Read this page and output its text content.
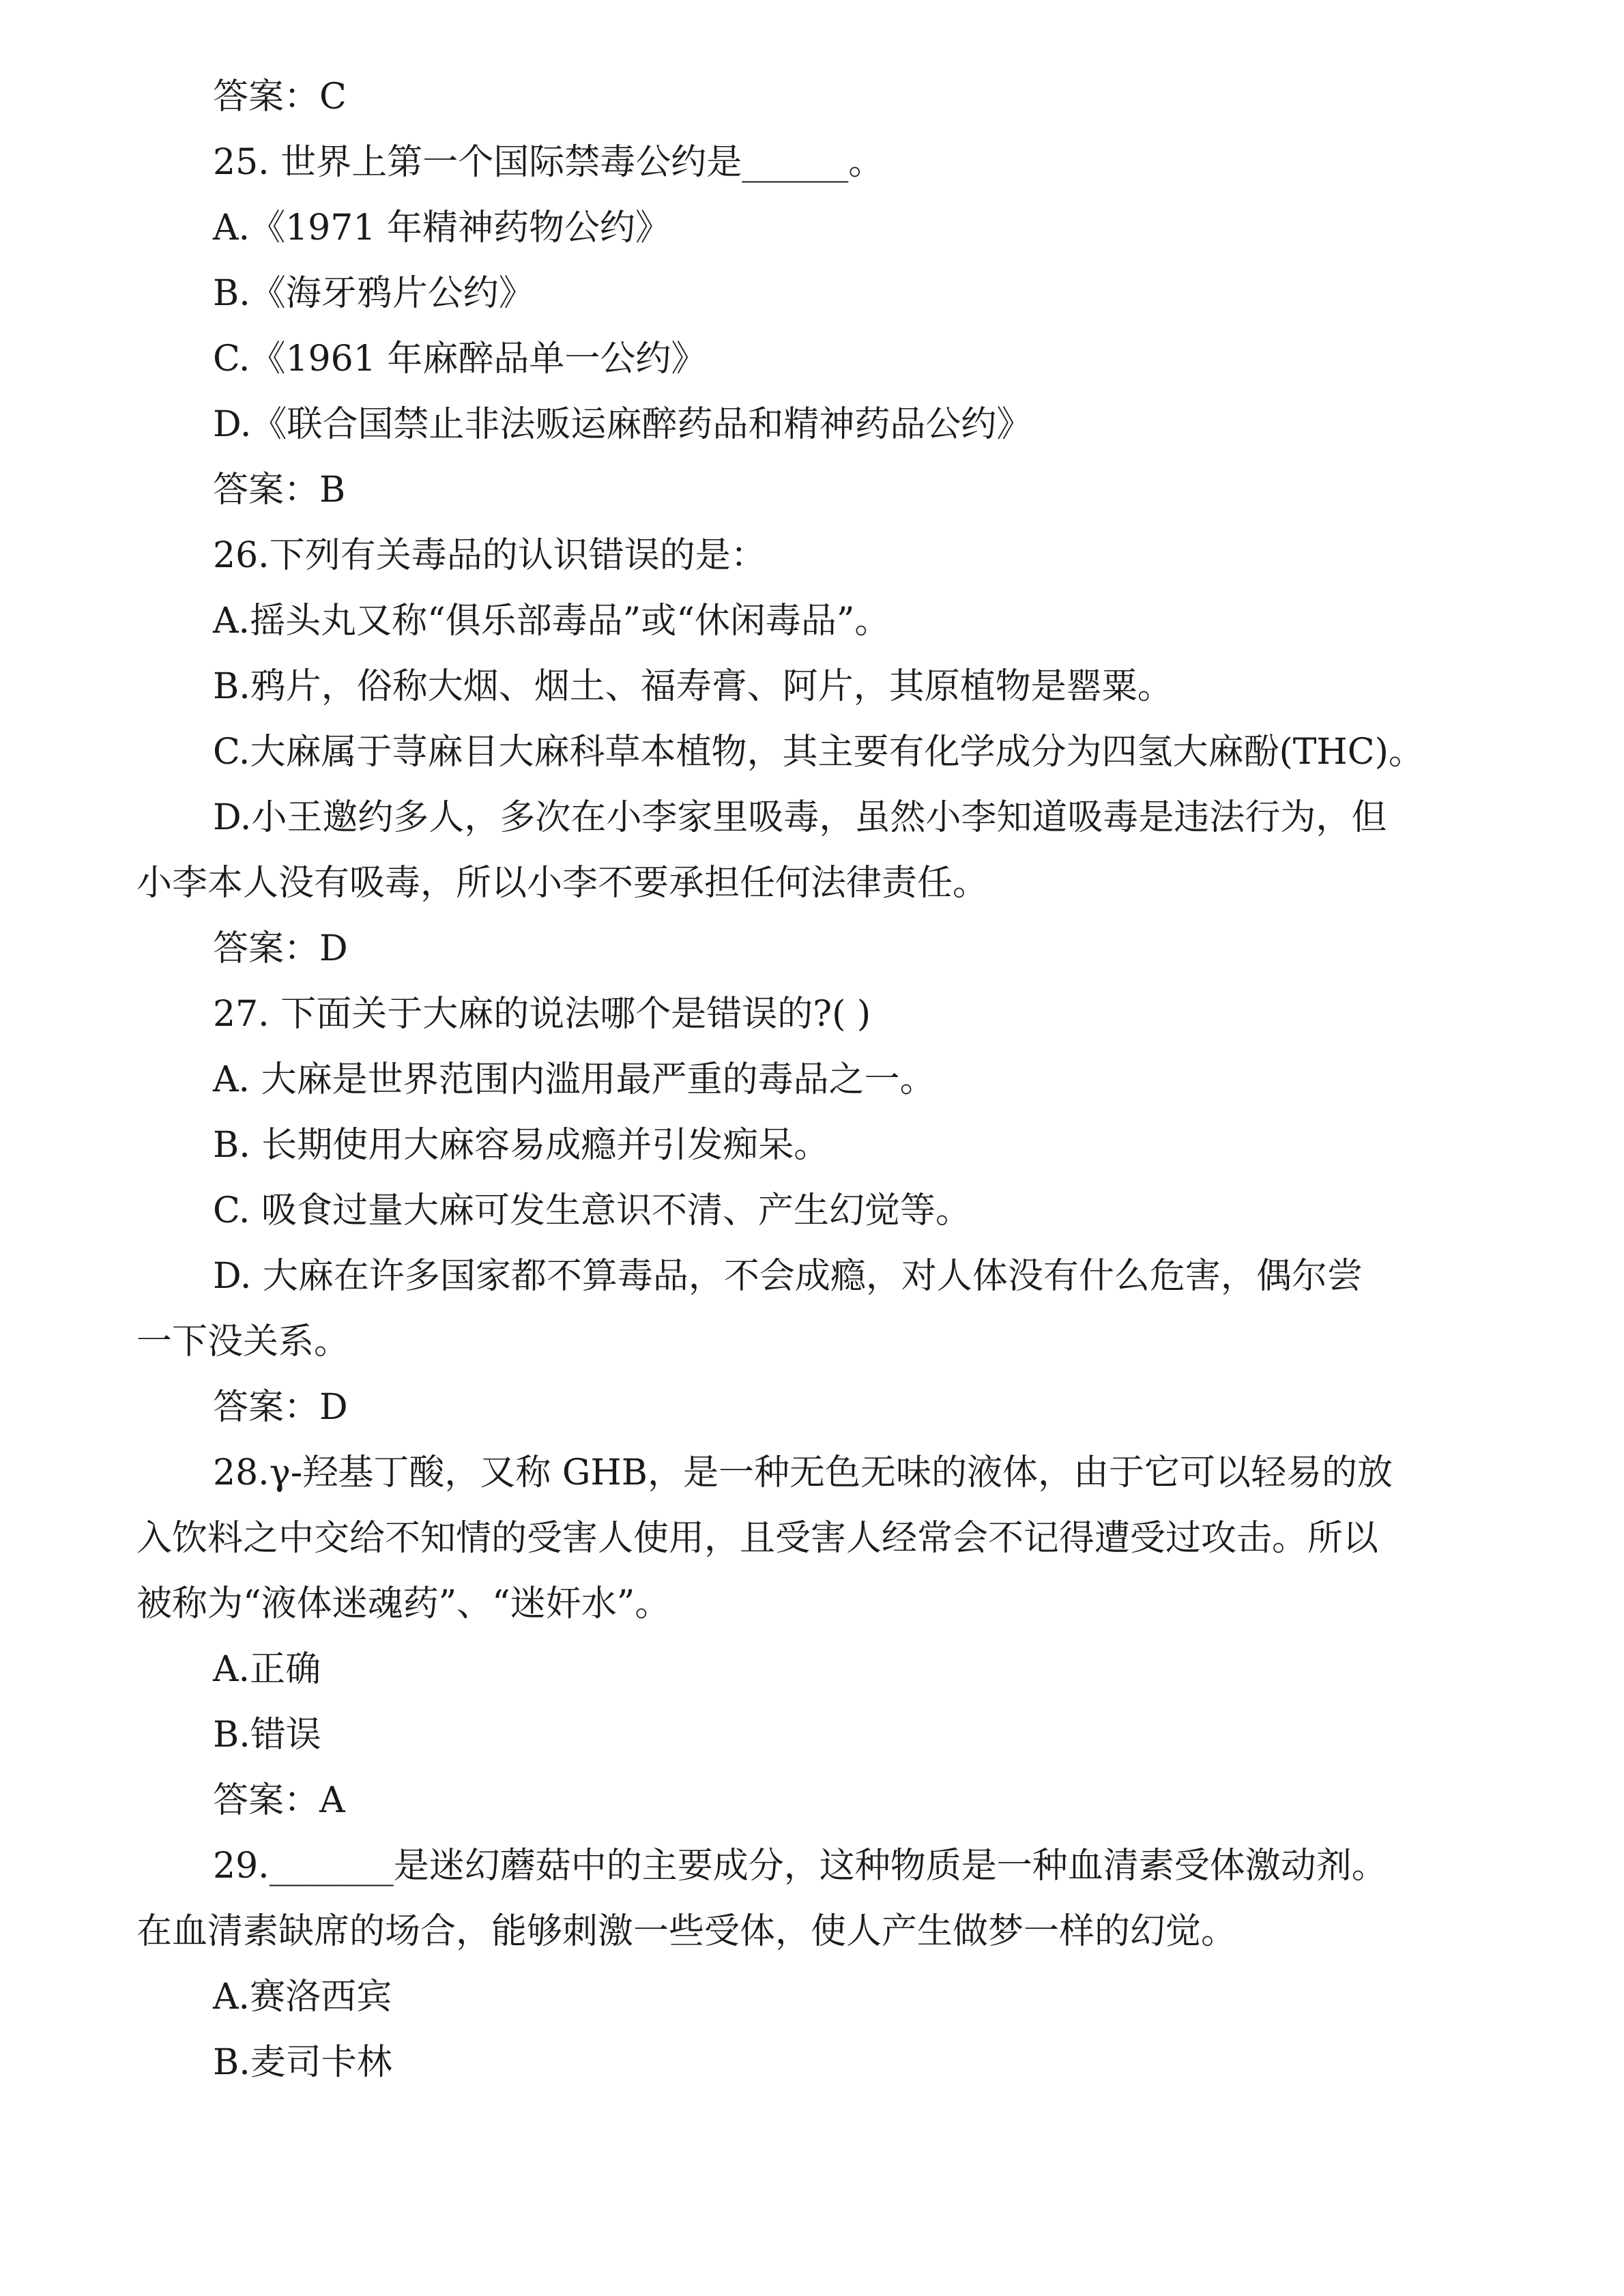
答案：C

25. 世界上第一个国际禁毒公约是______。

A.《1971 年精神药物公约》

B.《海牙鸦片公约》

C.《1961 年麻醉品单一公约》

D.《联合国禁止非法贩运麻醉药品和精神药品公约》

答案：B

26.下列有关毒品的认识错误的是：

A.摇头丸又称“俱乐部毒品”或“休闲毒品”。

B.鸦片，俗称大烟、烟土、福寿膏、阿片，其原植物是罂粟。

C.大麻属于荨麻目大麻科草本植物，其主要有化学成分为四氢大麻酚(THC)。

D.小王邀约多人，多次在小李家里吸毒，虽然小李知道吸毒是违法行为，但

小李本人没有吸毒，所以小李不要承担任何法律责任。

答案：D

27. 下面关于大麻的说法哪个是错误的?( )

A. 大麻是世界范围内滥用最严重的毒品之一。

B. 长期使用大麻容易成瘾并引发痴呆。

C. 吸食过量大麻可发生意识不清、产生幻觉等。

D. 大麻在许多国家都不算毒品，不会成瘾，对人体没有什么危害，偶尔尝

一下没关系。

答案：D

28.γ-羟基丁酸，又称 GHB，是一种无色无味的液体，由于它可以轻易的放

入饮料之中交给不知情的受害人使用，且受害人经常会不记得遭受过攻击。所以

被称为“液体迷魂药”、“迷奸水”。

A.正确

B.错误

答案：A

29._______是迷幻蘑菇中的主要成分，这种物质是一种血清素受体激动剂。

在血清素缺席的场合，能够刺激一些受体，使人产生做梦一样的幻觉。

A.赛洛西宾

B.麦司卡林
